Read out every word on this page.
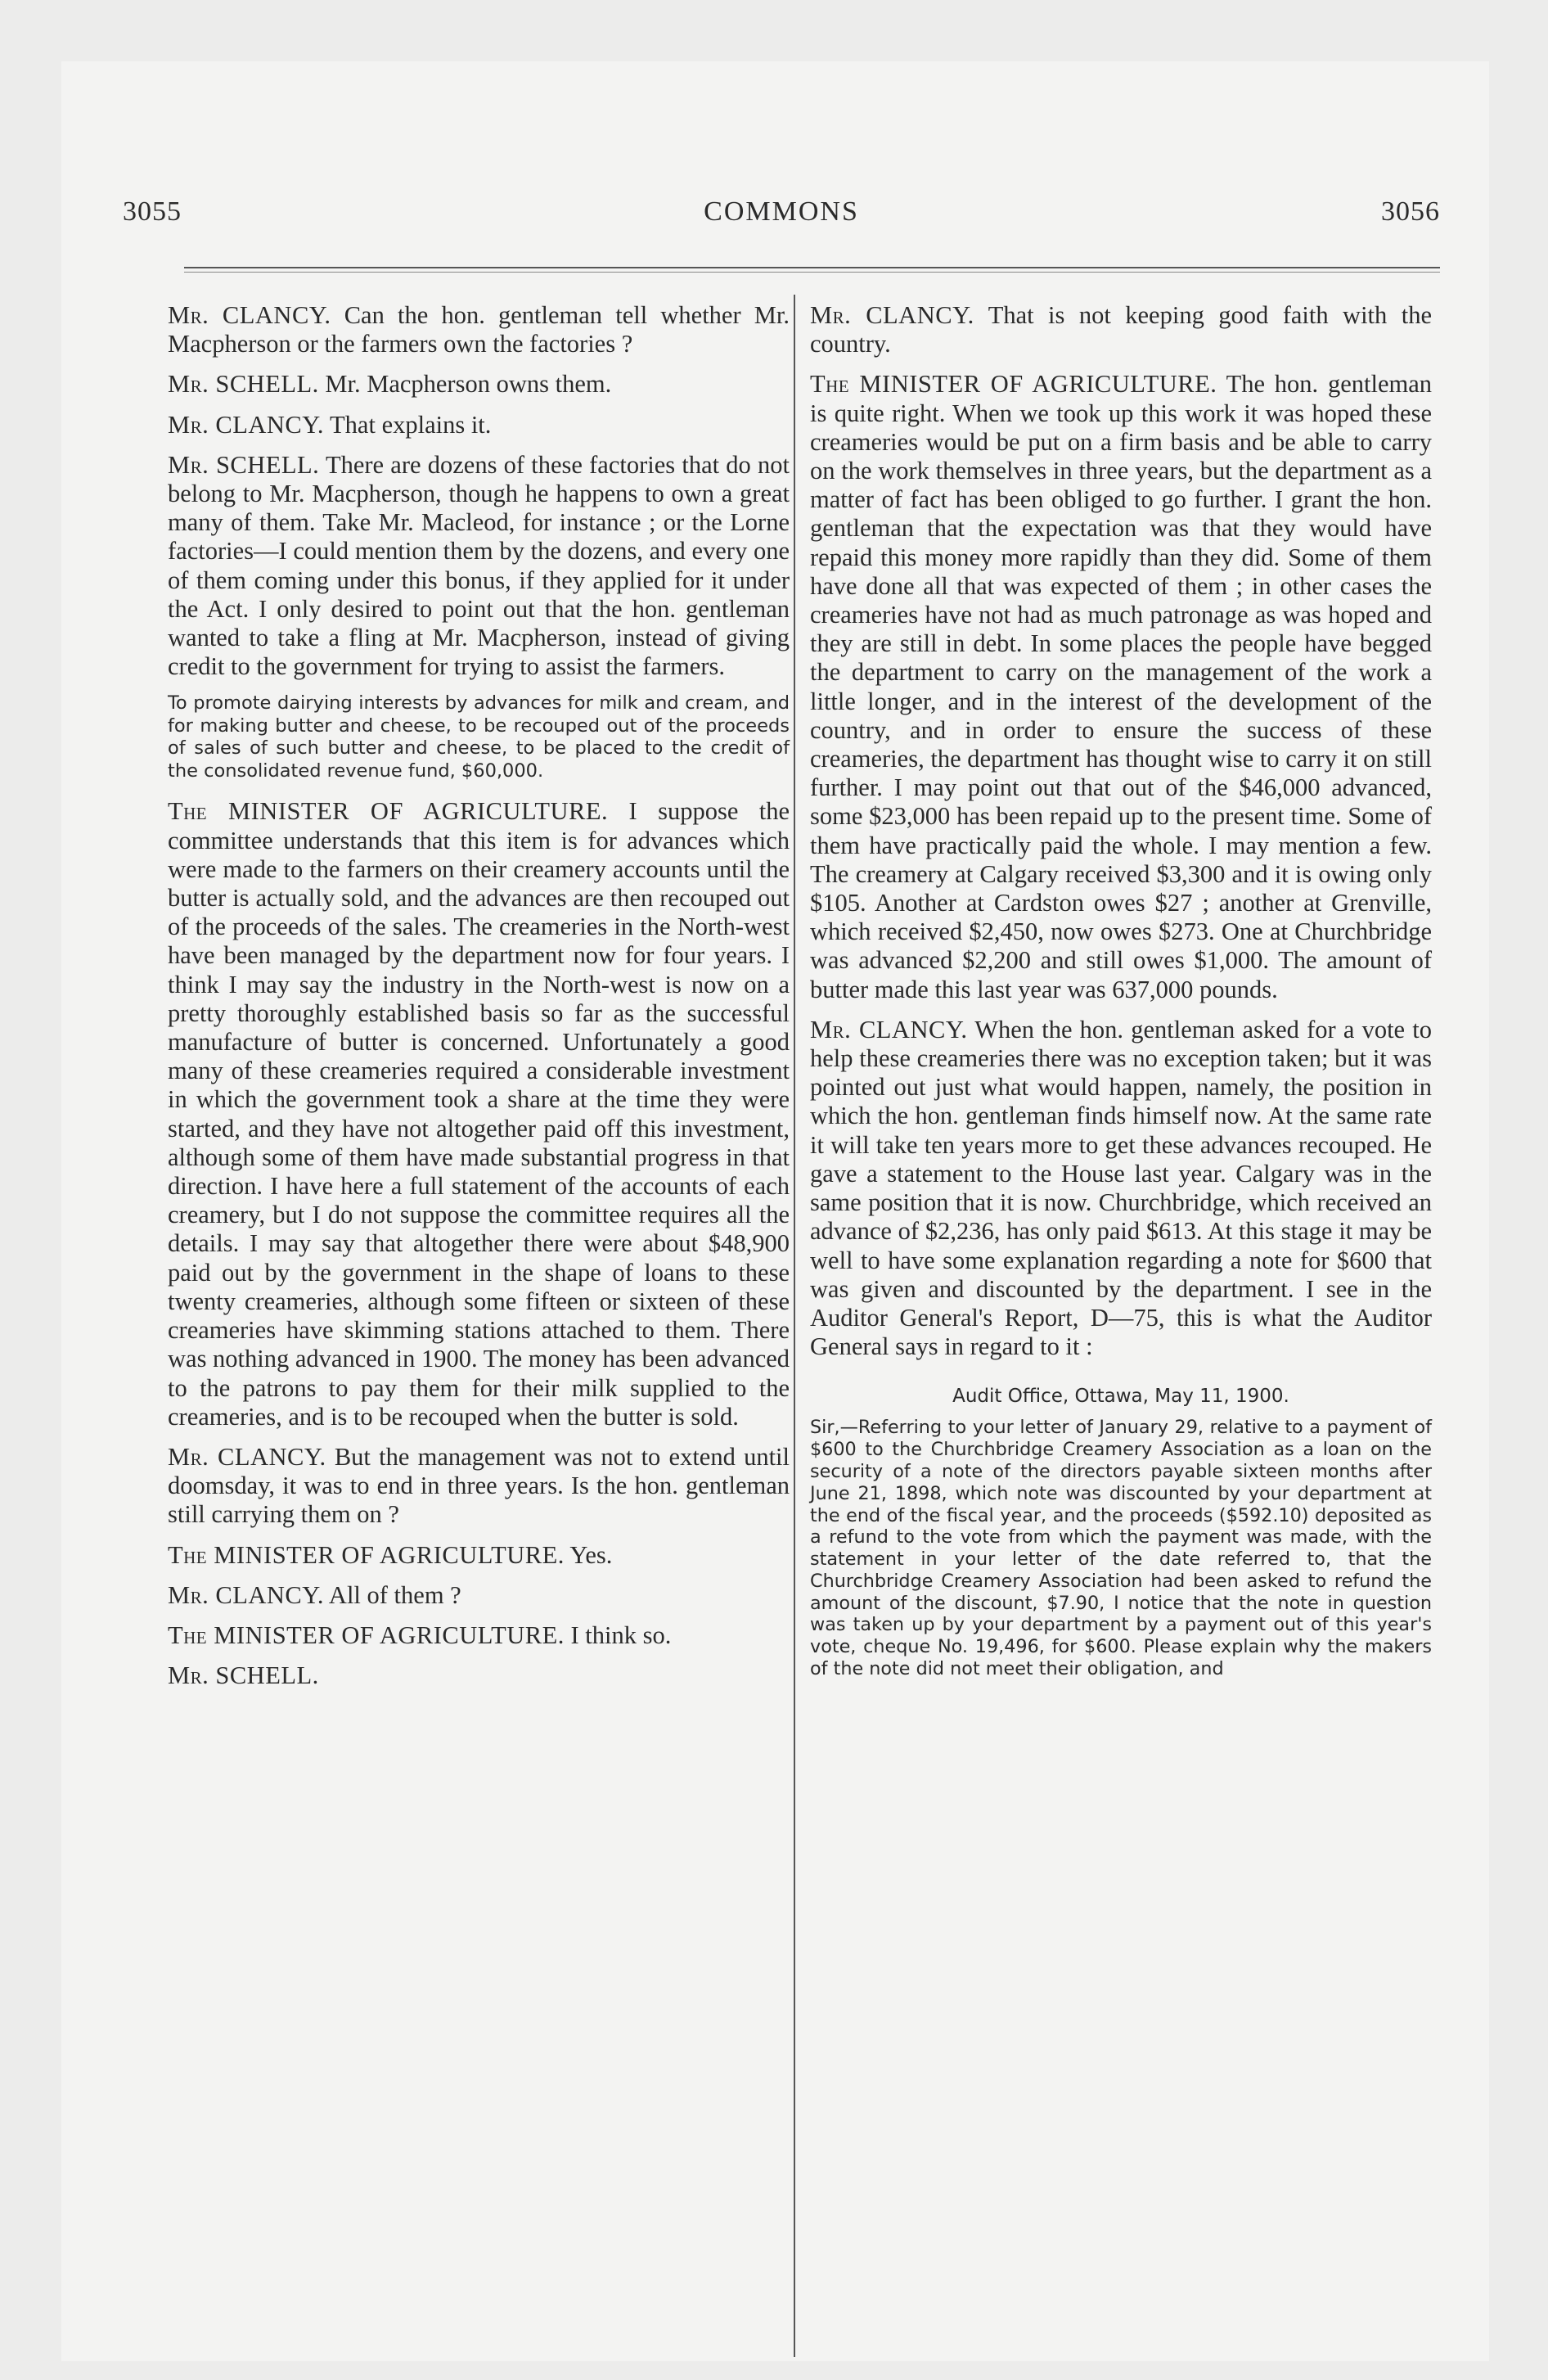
3055	COMMONS	3056

Mr. CLANCY. Can the hon. gentleman tell whether Mr. Macpherson or the farmers own the factories ?

Mr. SCHELL. Mr. Macpherson owns them.

Mr. CLANCY. That explains it.

Mr. SCHELL. There are dozens of these factories that do not belong to Mr. Macpherson, though he happens to own a great many of them. Take Mr. Macleod, for instance ; or the Lorne factories—I could mention them by the dozens, and every one of them coming under this bonus, if they applied for it under the Act. I only desired to point out that the hon. gentleman wanted to take a fling at Mr. Macpherson, instead of giving credit to the government for trying to assist the farmers.

To promote dairying interests by advances for milk and cream, and for making butter and cheese, to be recouped out of the proceeds of sales of such butter and cheese, to be placed to the credit of the consolidated revenue fund, $60,000.

The MINISTER OF AGRICULTURE. I suppose the committee understands that this item is for advances which were made to the farmers on their creamery accounts until the butter is actually sold, and the advances are then recouped out of the proceeds of the sales. The creameries in the North-west have been managed by the department now for four years. I think I may say the industry in the North-west is now on a pretty thoroughly established basis so far as the successful manufacture of butter is concerned. Unfortunately a good many of these creameries required a considerable investment in which the government took a share at the time they were started, and they have not altogether paid off this investment, although some of them have made substantial progress in that direction. I have here a full statement of the accounts of each creamery, but I do not suppose the committee requires all the details. I may say that altogether there were about $48,900 paid out by the government in the shape of loans to these twenty creameries, although some fifteen or sixteen of these creameries have skimming stations attached to them. There was nothing advanced in 1900. The money has been advanced to the patrons to pay them for their milk supplied to the creameries, and is to be recouped when the butter is sold.

Mr. CLANCY. But the management was not to extend until doomsday, it was to end in three years. Is the hon. gentleman still carrying them on ?

The MINISTER OF AGRICULTURE. Yes.

Mr. CLANCY. All of them ?

The MINISTER OF AGRICULTURE. I think so.

Mr. SCHELL.

Mr. CLANCY. That is not keeping good faith with the country.

The MINISTER OF AGRICULTURE. The hon. gentleman is quite right. When we took up this work it was hoped these creameries would be put on a firm basis and be able to carry on the work themselves in three years, but the department as a matter of fact has been obliged to go further. I grant the hon. gentleman that the expectation was that they would have repaid this money more rapidly than they did. Some of them have done all that was expected of them ; in other cases the creameries have not had as much patronage as was hoped and they are still in debt. In some places the people have begged the department to carry on the management of the work a little longer, and in the interest of the development of the country, and in order to ensure the success of these creameries, the department has thought wise to carry it on still further. I may point out that out of the $46,000 advanced, some $23,000 has been repaid up to the present time. Some of them have practically paid the whole. I may mention a few. The creamery at Calgary received $3,300 and it is owing only $105. Another at Cardston owes $27 ; another at Grenville, which received $2,450, now owes $273. One at Churchbridge was advanced $2,200 and still owes $1,000. The amount of butter made this last year was 637,000 pounds.

Mr. CLANCY. When the hon. gentleman asked for a vote to help these creameries there was no exception taken; but it was pointed out just what would happen, namely, the position in which the hon. gentleman finds himself now. At the same rate it will take ten years more to get these advances recouped. He gave a statement to the House last year. Calgary was in the same position that it is now. Churchbridge, which received an advance of $2,236, has only paid $613. At this stage it may be well to have some explanation regarding a note for $600 that was given and discounted by the department. I see in the Auditor General's Report, D—75, this is what the Auditor General says in regard to it :

Audit Office, Ottawa, May 11, 1900.

Sir,—Referring to your letter of January 29, relative to a payment of $600 to the Churchbridge Creamery Association as a loan on the security of a note of the directors payable sixteen months after June 21, 1898, which note was discounted by your department at the end of the fiscal year, and the proceeds ($592.10) deposited as a refund to the vote from which the payment was made, with the statement in your letter of the date referred to, that the Churchbridge Creamery Association had been asked to refund the amount of the discount, $7.90, I notice that the note in question was taken up by your department by a payment out of this year's vote, cheque No. 19,496, for $600. Please explain why the makers of the note did not meet their obligation, and
